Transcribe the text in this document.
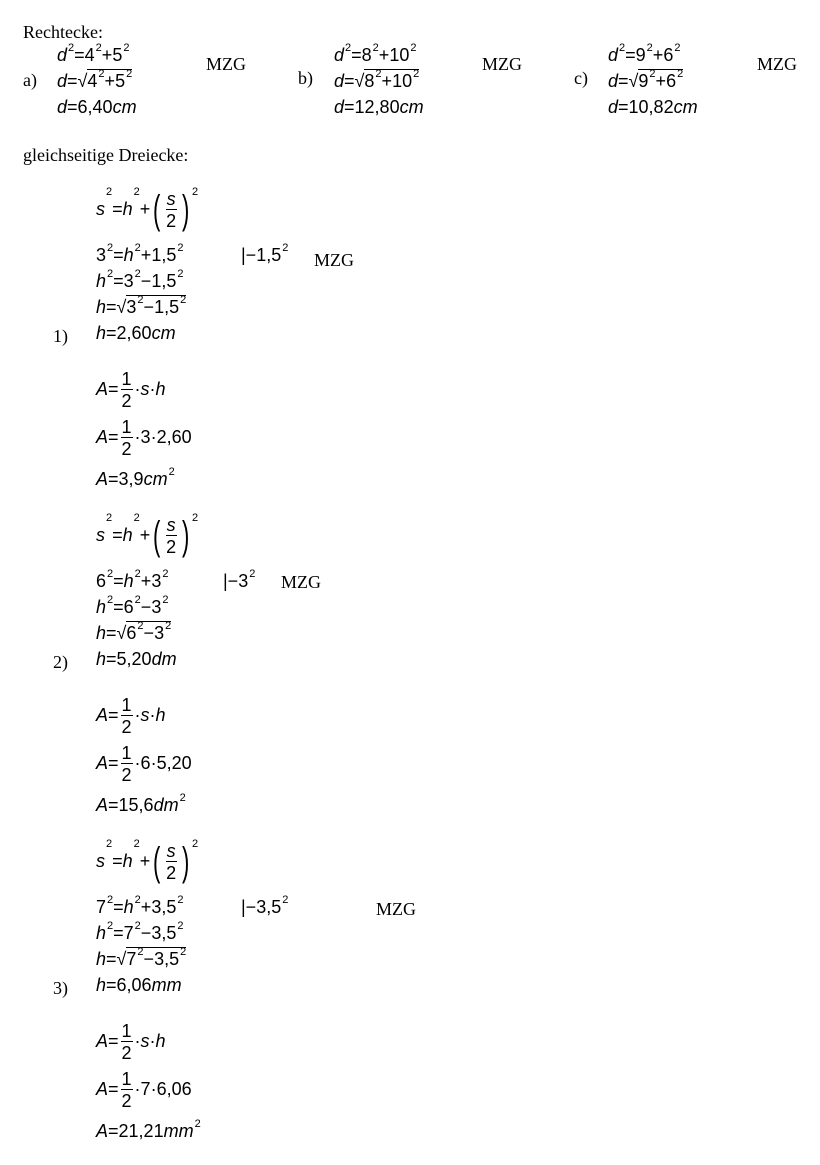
Rechtecke:
a)
$d^2=4^2+5^2$
$d=√4^2+5^2$
d=6,40cm
MZG
b)
$d^2=8^2+10^2$
$d=√8^2+10^2$
d=12,80cm
MZG
c)
$d^2=9^2+6^2$
$d=√9^2+6^2$
d=10,82cm
MZG
gleichseitige Dreiecke:
$s^2=h^2+( \frac{s}{2}$ ) $^2$
$3^2=h^2+1,5^2$	$|-1,5^2$
MZG
$h^2=3^2-1,5^2$
$h=√3^2-1,5^2$
1) h=2,60cm
$A= \frac{1}{2} \cdot s\cdot h$
$A= \frac{1}{2} \cdot 3\cdot 2,60$
$A=3,9cm^2$
$s^2=h^2+( \frac{s}{2}$ ) $^2$
$6^2=h^2+3^2$	$|-3^2$ MZG
$h^2=6^2-3^2$
$h=√6^2-3^2$
2) h=5,20dm
$A= \frac{1}{2} \cdot s\cdot h$
$A= \frac{1}{2} \cdot 6\cdot 5,20$
$A=15,6dm^2$
$s^2=h^2+( \frac{s}{2}$ ) $^2$
$7^2=h^2+3,5^2$	$|-3,5^2$	MZG
$h^2=7^2-3,5^2$
$h=√7^2-3,5^2$
3) h=6,06mm
$A= \frac{1}{2} \cdot s\cdot h$
$A= \frac{1}{2} \cdot 7\cdot 6,06$
$A=21,21mm^2$
